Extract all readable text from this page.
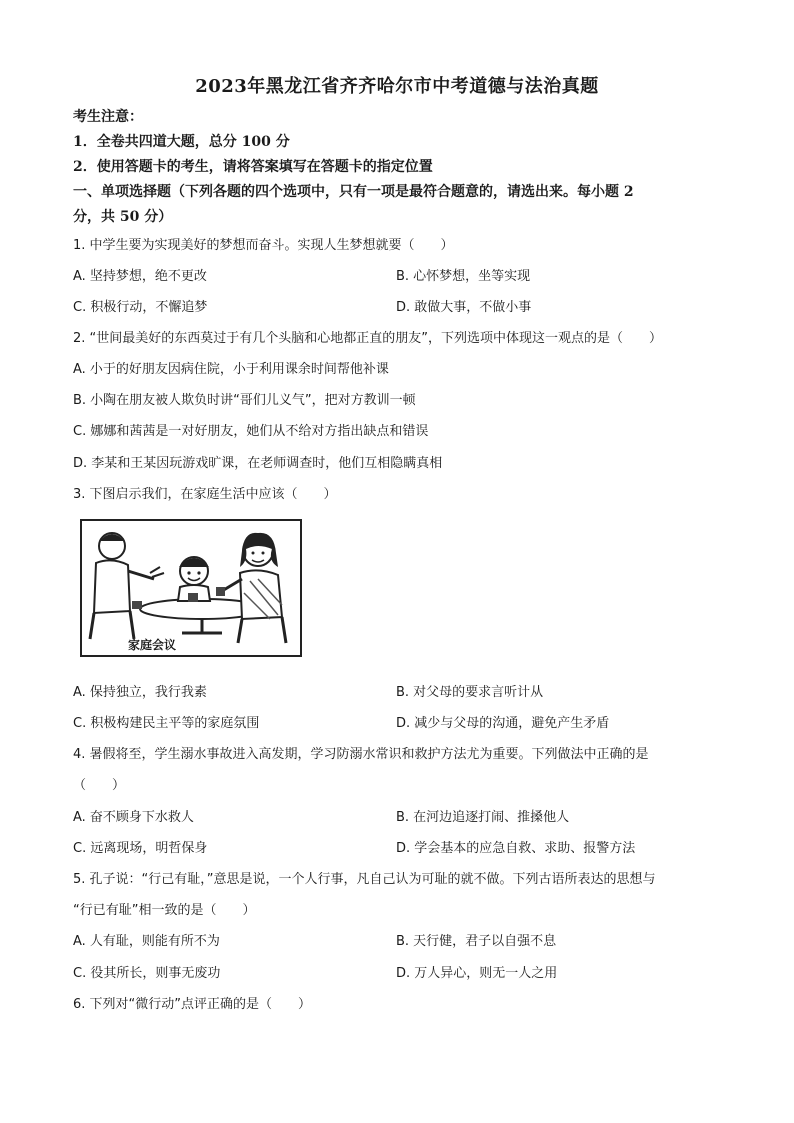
2023年黑龙江省齐齐哈尔市中考道德与法治真题
考生注意：
1．全卷共四道大题，总分 100 分
2．使用答题卡的考生，请将答案填写在答题卡的指定位置
一、单项选择题（下列各题的四个选项中，只有一项是最符合题意的，请选出来。每小题 2
分，共 50 分）
1. 中学生要为实现美好的梦想而奋斗。实现人生梦想就要（　　）
A. 坚持梦想，绝不更改	B. 心怀梦想，坐等实现
C. 积极行动，不懈追梦	D. 敢做大事，不做小事
2. “世间最美好的东西莫过于有几个头脑和心地都正直的朋友”，下列选项中体现这一观点的是（　　）
A. 小于的好朋友因病住院，小于利用课余时间帮他补课
B. 小陶在朋友被人欺负时讲“哥们儿义气”，把对方教训一顿
C. 娜娜和茜茜是一对好朋友，她们从不给对方指出缺点和错误
D. 李某和王某因玩游戏旷课，在老师调查时，他们互相隐瞒真相
3. 下图启示我们，在家庭生活中应该（　　）
家庭会议
A. 保持独立，我行我素	B. 对父母的要求言听计从
C. 积极构建民主平等的家庭氛围	D. 减少与父母的沟通，避免产生矛盾
4. 暑假将至，学生溺水事故进入高发期，学习防溺水常识和救护方法尤为重要。下列做法中正确的是
（　　）
A. 奋不顾身下水救人	B. 在河边追逐打闹、推搡他人
C. 远离现场，明哲保身	D. 学会基本的应急自救、求助、报警方法
5. 孔子说：“行己有耻，”意思是说，一个人行事，凡自己认为可耻的就不做。下列古语所表达的思想与
“行已有耻”相一致的是（　　）
A. 人有耻，则能有所不为	B. 天行健，君子以自强不息
C. 役其所长，则事无废功	D. 万人异心，则无一人之用
6. 下列对“微行动”点评正确的是（　　）
